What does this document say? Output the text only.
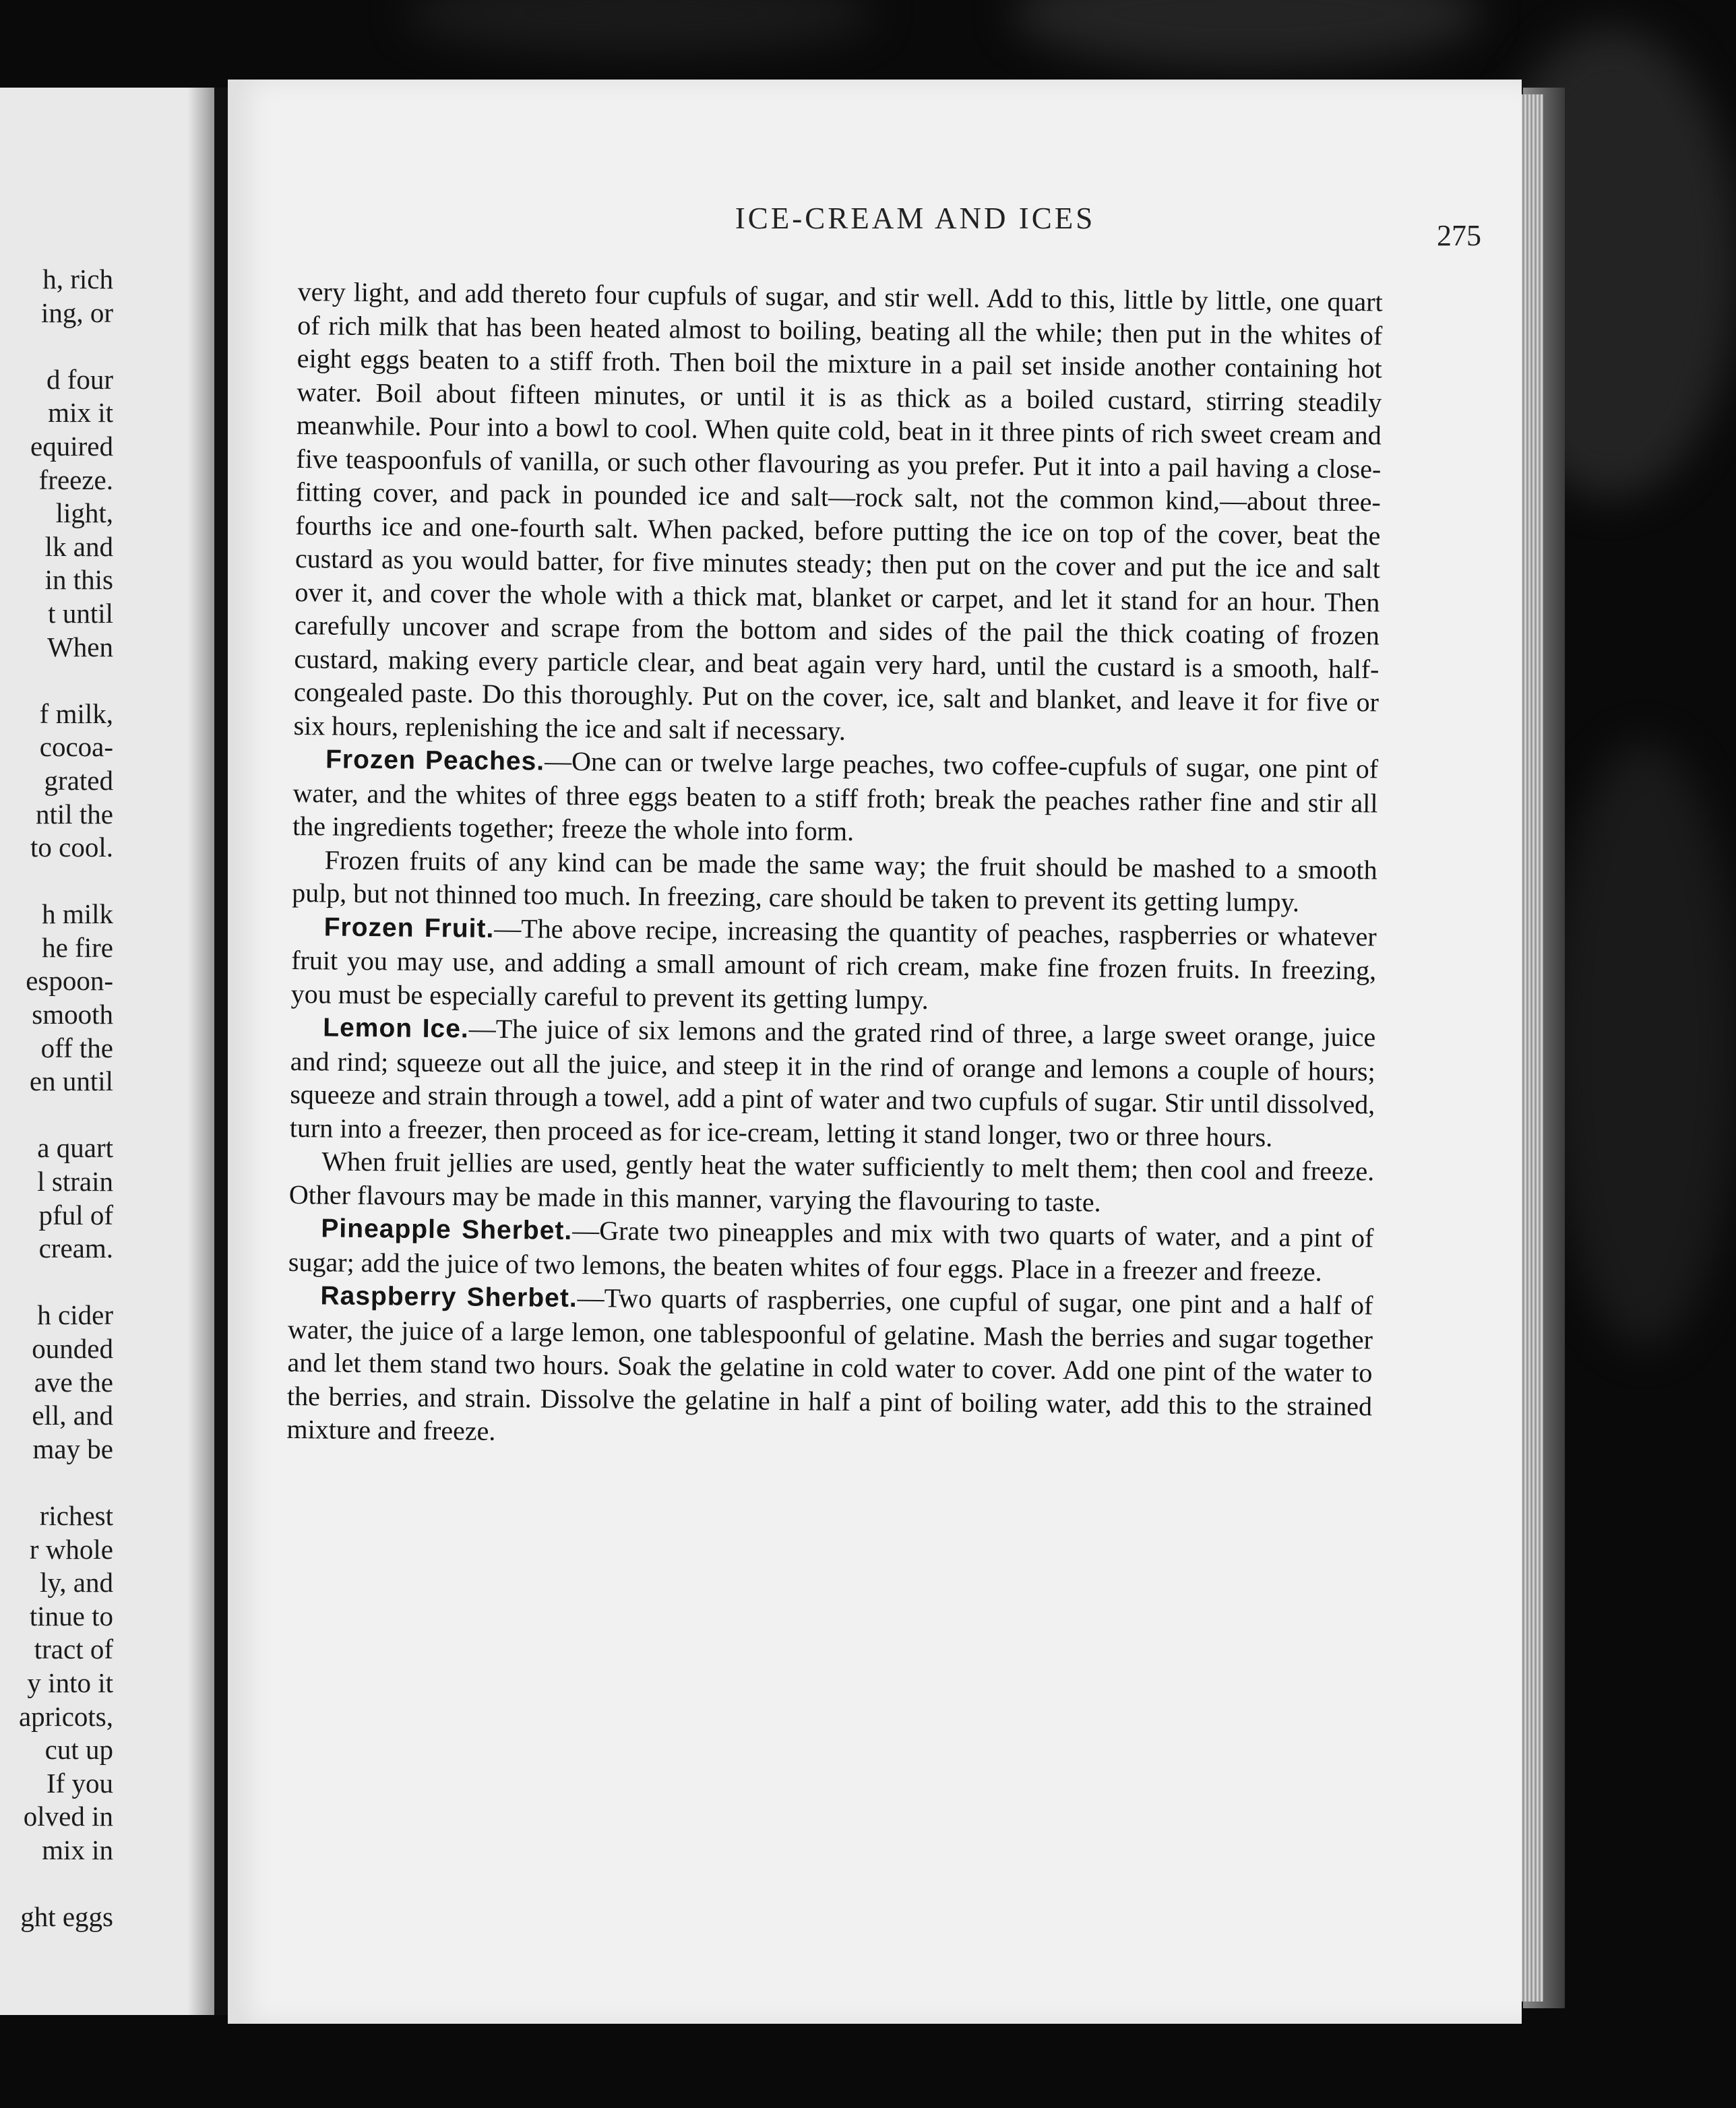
h, rich
ing, or
d four
mix it
equired
freeze.
light,
lk and
in this
t until
When
f milk,
cocoa-
grated
ntil the
to cool.
h milk
he fire
espoon-
smooth
off the
en until
a quart
l strain
pful of
cream.
h cider
ounded
ave the
ell, and
may be
richest
r whole
ly, and
tinue to
tract of
y into it
apricots,
cut up
If you
olved in
mix in
ght eggs
ICE-CREAM AND ICES
275

very light, and add thereto four cupfuls of sugar, and stir well. Add to this, little by little, one quart of rich milk that has been heated almost to boiling, beating all the while; then put in the whites of eight eggs beaten to a stiff froth. Then boil the mixture in a pail set inside another containing hot water. Boil about fifteen minutes, or until it is as thick as a boiled custard, stirring steadily meanwhile. Pour into a bowl to cool. When quite cold, beat in it three pints of rich sweet cream and five teaspoonfuls of vanilla, or such other flavouring as you prefer. Put it into a pail having a close-fitting cover, and pack in pounded ice and salt—rock salt, not the common kind,—about three-fourths ice and one-fourth salt. When packed, before putting the ice on top of the cover, beat the custard as you would batter, for five minutes steady; then put on the cover and put the ice and salt over it, and cover the whole with a thick mat, blanket or carpet, and let it stand for an hour. Then carefully uncover and scrape from the bottom and sides of the pail the thick coating of frozen custard, making every particle clear, and beat again very hard, until the custard is a smooth, half-congealed paste. Do this thoroughly. Put on the cover, ice, salt and blanket, and leave it for five or six hours, replenishing the ice and salt if necessary.

Frozen Peaches.—One can or twelve large peaches, two coffee-cupfuls of sugar, one pint of water, and the whites of three eggs beaten to a stiff froth; break the peaches rather fine and stir all the ingredients together; freeze the whole into form.

Frozen fruits of any kind can be made the same way; the fruit should be mashed to a smooth pulp, but not thinned too much. In freezing, care should be taken to prevent its getting lumpy.

Frozen Fruit.—The above recipe, increasing the quantity of peaches, raspberries or whatever fruit you may use, and adding a small amount of rich cream, make fine frozen fruits. In freezing, you must be especially careful to prevent its getting lumpy.

Lemon Ice.—The juice of six lemons and the grated rind of three, a large sweet orange, juice and rind; squeeze out all the juice, and steep it in the rind of orange and lemons a couple of hours; squeeze and strain through a towel, add a pint of water and two cupfuls of sugar. Stir until dissolved, turn into a freezer, then proceed as for ice-cream, letting it stand longer, two or three hours.

When fruit jellies are used, gently heat the water sufficiently to melt them; then cool and freeze. Other flavours may be made in this manner, varying the flavouring to taste.

Pineapple Sherbet.—Grate two pineapples and mix with two quarts of water, and a pint of sugar; add the juice of two lemons, the beaten whites of four eggs. Place in a freezer and freeze.

Raspberry Sherbet.—Two quarts of raspberries, one cupful of sugar, one pint and a half of water, the juice of a large lemon, one tablespoonful of gelatine. Mash the berries and sugar together and let them stand two hours. Soak the gelatine in cold water to cover. Add one pint of the water to the berries, and strain. Dissolve the gelatine in half a pint of boiling water, add this to the strained mixture and freeze.
